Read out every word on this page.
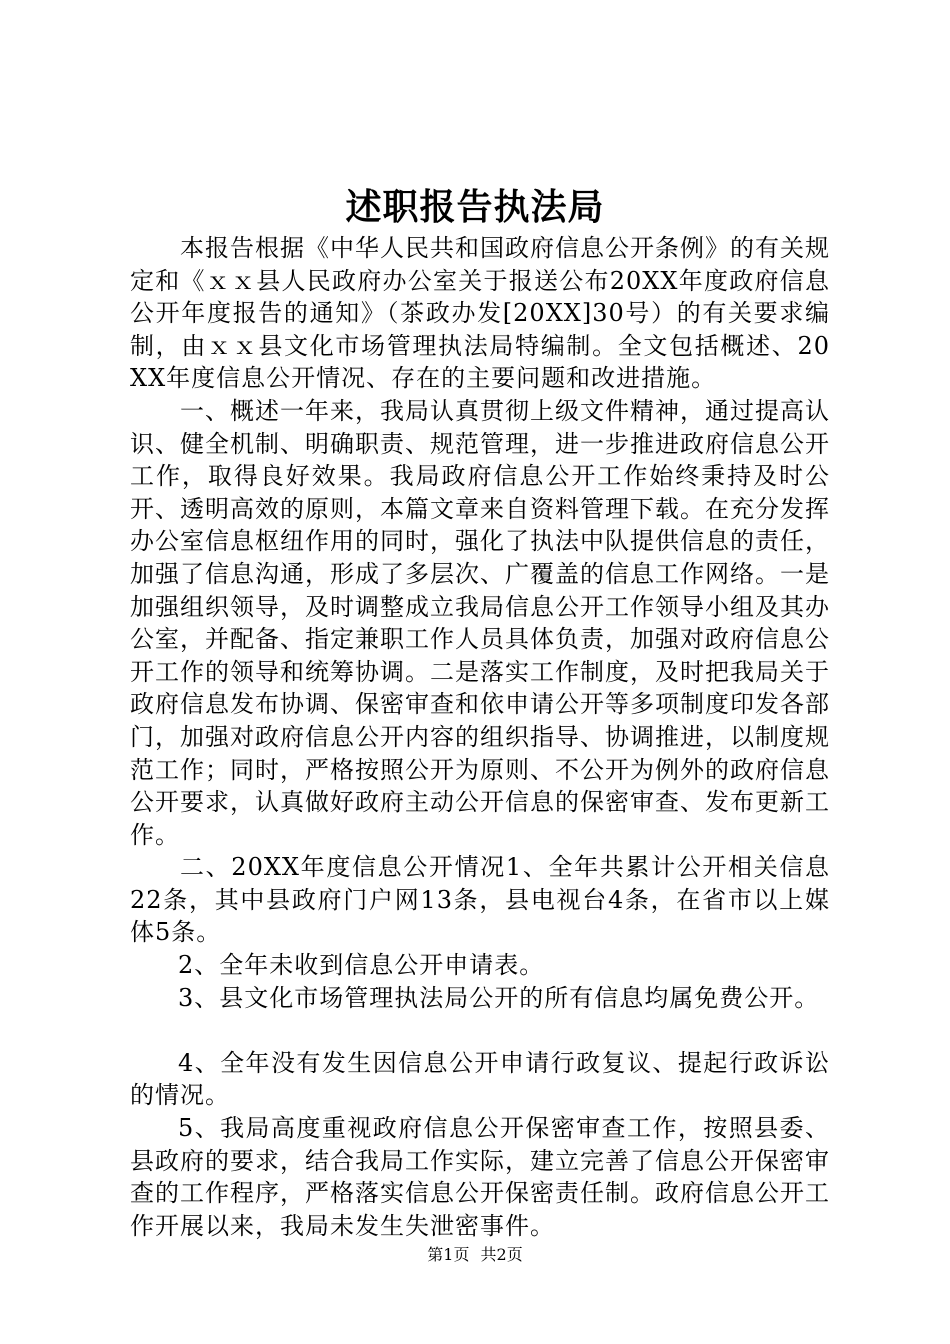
述职报告执法局

本报告根据《中华人民共和国政府信息公开条例》的有关规定和《ｘｘ县人民政府办公室关于报送公布20XX年度政府信息公开年度报告的通知》（茶政办发[20XX]30号）的有关要求编制，由ｘｘ县文化市场管理执法局特编制。全文包括概述、20XX年度信息公开情况、存在的主要问题和改进措施。

一、概述一年来，我局认真贯彻上级文件精神，通过提高认识、健全机制、明确职责、规范管理，进一步推进政府信息公开工作，取得良好效果。我局政府信息公开工作始终秉持及时公开、透明高效的原则，本篇文章来自资料管理下载。在充分发挥办公室信息枢纽作用的同时，强化了执法中队提供信息的责任，加强了信息沟通，形成了多层次、广覆盖的信息工作网络。一是加强组织领导，及时调整成立我局信息公开工作领导小组及其办公室，并配备、指定兼职工作人员具体负责，加强对政府信息公开工作的领导和统筹协调。二是落实工作制度，及时把我局关于政府信息发布协调、保密审查和依申请公开等多项制度印发各部门，加强对政府信息公开内容的组织指导、协调推进，以制度规范工作；同时，严格按照公开为原则、不公开为例外的政府信息公开要求，认真做好政府主动公开信息的保密审查、发布更新工作。

二、20XX年度信息公开情况1、全年共累计公开相关信息22条，其中县政府门户网13条，县电视台4条，在省市以上媒体5条。

2、全年未收到信息公开申请表。

3、县文化市场管理执法局公开的所有信息均属免费公开。

4、全年没有发生因信息公开申请行政复议、提起行政诉讼的情况。

5、我局高度重视政府信息公开保密审查工作，按照县委、县政府的要求，结合我局工作实际，建立完善了信息公开保密审查的工作程序，严格落实信息公开保密责任制。政府信息公开工作开展以来，我局未发生失泄密事件。

第1页 共2页
